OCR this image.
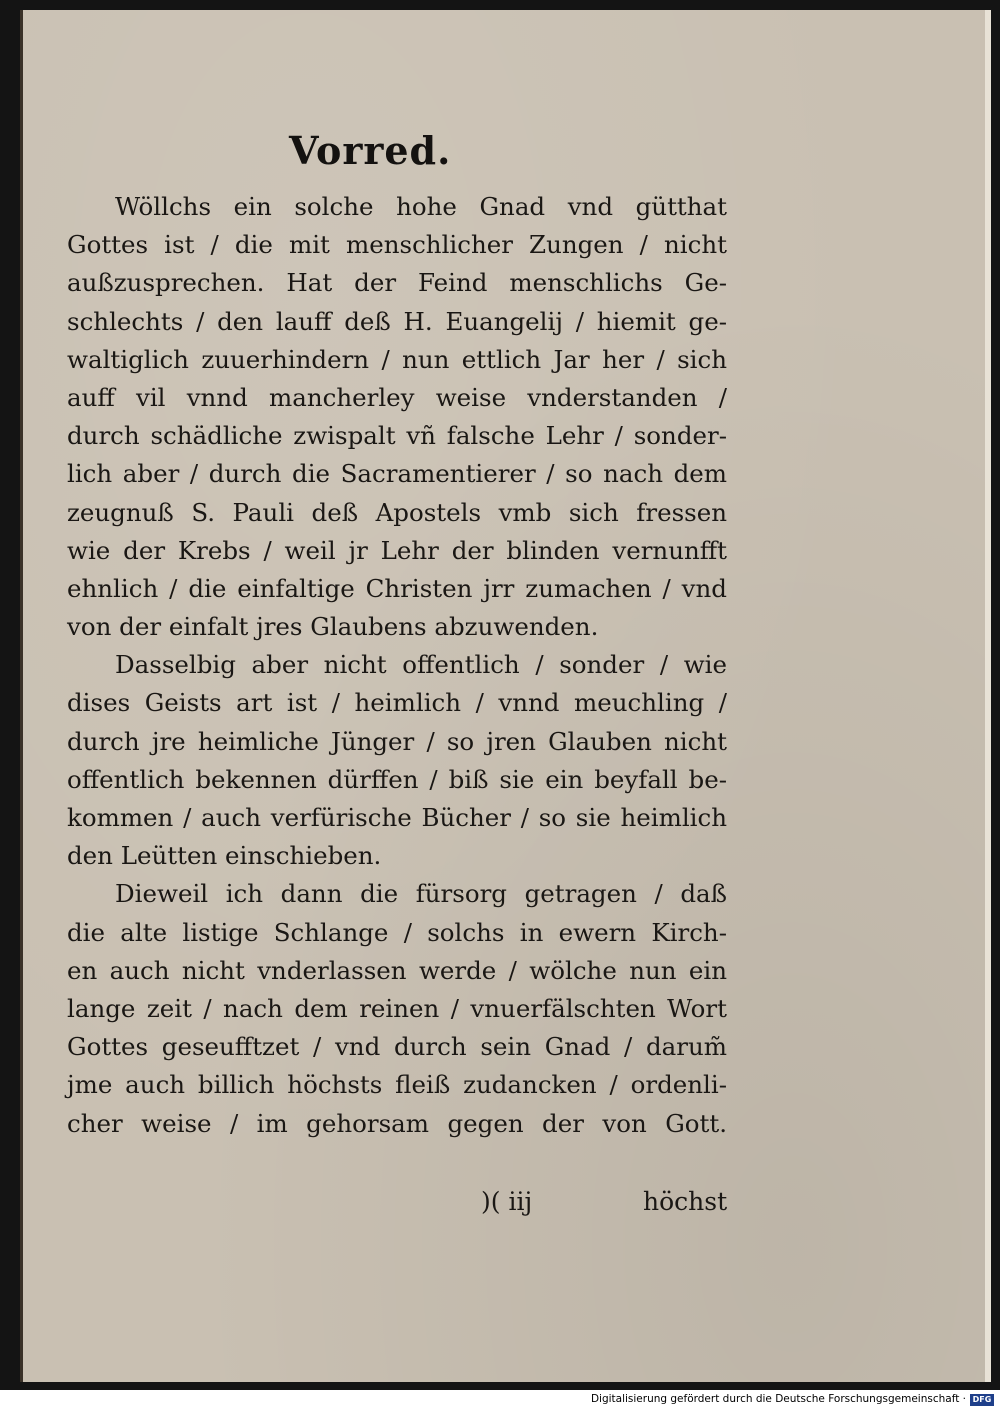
Vorred.
Wöllchs ein solche hohe Gnad vnd gütthat
Gottes ist / die mit menschlicher Zungen / nicht
außzusprechen. Hat der Feind menschlichs Ge-
schlechts / den lauff deß H. Euangelij / hiemit ge-
waltiglich zuuerhindern / nun ettlich Jar her / sich
auff vil vnnd mancherley weise vnderstanden /
durch schädliche zwispalt vñ falsche Lehr / sonder-
lich aber / durch die Sacramentierer / so nach dem
zeugnuß S. Pauli deß Apostels vmb sich fressen
wie der Krebs / weil jr Lehr der blinden vernunfft
ehnlich / die einfaltige Christen jrr zumachen / vnd
von der einfalt jres Glaubens abzuwenden.
Dasselbig aber nicht offentlich / sonder / wie
dises Geists art ist / heimlich / vnnd meuchling /
durch jre heimliche Jünger / so jren Glauben nicht
offentlich bekennen dürffen / biß sie ein beyfall be-
kommen / auch verfürische Bücher / so sie heimlich
den Leütten einschieben.
Dieweil ich dann die fürsorg getragen / daß
die alte listige Schlange / solchs in ewern Kirch-
en auch nicht vnderlassen werde / wölche nun ein
lange zeit / nach dem reinen / vnuerfälschten Wort
Gottes geseufftzet / vnd durch sein Gnad / darum̃
jme auch billich höchsts fleiß zudancken / ordenli-
cher weise / im gehorsam gegen der von Gott.
)( iij	höchst
Digitalisierung gefördert durch die Deutsche Forschungsgemeinschaft · DFG
